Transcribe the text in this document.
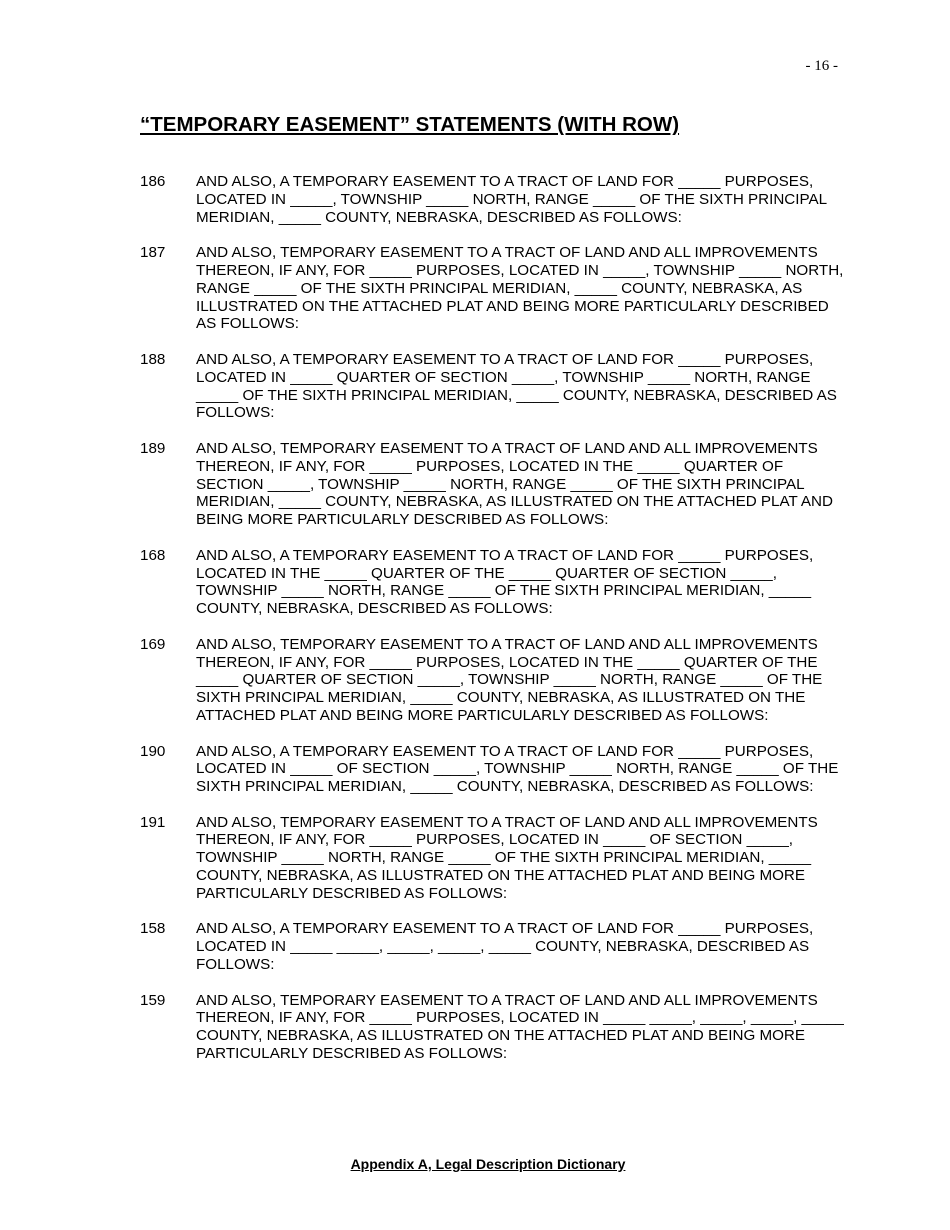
- 16 -
“TEMPORARY EASEMENT” STATEMENTS (WITH ROW)
186	AND ALSO, A TEMPORARY EASEMENT TO A TRACT OF LAND FOR _____ PURPOSES, LOCATED IN _____, TOWNSHIP _____ NORTH, RANGE _____ OF THE SIXTH PRINCIPAL MERIDIAN, _____ COUNTY, NEBRASKA, DESCRIBED AS FOLLOWS:
187	AND ALSO, TEMPORARY EASEMENT TO A TRACT OF LAND AND ALL IMPROVEMENTS THEREON, IF ANY, FOR _____ PURPOSES, LOCATED IN _____, TOWNSHIP _____ NORTH, RANGE _____ OF THE SIXTH PRINCIPAL MERIDIAN, _____ COUNTY, NEBRASKA, AS ILLUSTRATED ON THE ATTACHED PLAT AND BEING MORE PARTICULARLY DESCRIBED AS FOLLOWS:
188	AND ALSO, A TEMPORARY EASEMENT TO A TRACT OF LAND FOR _____ PURPOSES, LOCATED IN _____ QUARTER OF SECTION _____, TOWNSHIP _____ NORTH, RANGE _____ OF THE SIXTH PRINCIPAL MERIDIAN, _____ COUNTY, NEBRASKA, DESCRIBED AS FOLLOWS:
189	AND ALSO, TEMPORARY EASEMENT TO A TRACT OF LAND AND ALL IMPROVEMENTS THEREON, IF ANY, FOR _____ PURPOSES, LOCATED IN THE _____ QUARTER OF SECTION _____, TOWNSHIP _____ NORTH, RANGE _____ OF THE SIXTH PRINCIPAL MERIDIAN, _____ COUNTY, NEBRASKA, AS ILLUSTRATED ON THE ATTACHED PLAT AND BEING MORE PARTICULARLY DESCRIBED AS FOLLOWS:
168	AND ALSO, A TEMPORARY EASEMENT TO A TRACT OF LAND FOR _____ PURPOSES, LOCATED IN THE _____ QUARTER OF THE _____ QUARTER OF SECTION _____, TOWNSHIP _____ NORTH, RANGE _____ OF THE SIXTH PRINCIPAL MERIDIAN, _____ COUNTY, NEBRASKA, DESCRIBED AS FOLLOWS:
169	AND ALSO, TEMPORARY EASEMENT TO A TRACT OF LAND AND ALL IMPROVEMENTS THEREON, IF ANY, FOR _____ PURPOSES, LOCATED IN THE _____ QUARTER OF THE _____ QUARTER OF SECTION _____, TOWNSHIP _____ NORTH, RANGE _____ OF THE SIXTH PRINCIPAL MERIDIAN, _____ COUNTY, NEBRASKA, AS ILLUSTRATED ON THE ATTACHED PLAT AND BEING MORE PARTICULARLY DESCRIBED AS FOLLOWS:
190	AND ALSO, A TEMPORARY EASEMENT TO A TRACT OF LAND FOR _____ PURPOSES, LOCATED IN _____ OF SECTION _____, TOWNSHIP _____ NORTH, RANGE _____ OF THE SIXTH PRINCIPAL MERIDIAN, _____ COUNTY, NEBRASKA, DESCRIBED AS FOLLOWS:
191	AND ALSO, TEMPORARY EASEMENT TO A TRACT OF LAND AND ALL IMPROVEMENTS THEREON, IF ANY, FOR _____ PURPOSES, LOCATED IN _____ OF SECTION _____, TOWNSHIP _____ NORTH, RANGE _____ OF THE SIXTH PRINCIPAL MERIDIAN, _____ COUNTY, NEBRASKA, AS ILLUSTRATED ON THE ATTACHED PLAT AND BEING MORE PARTICULARLY DESCRIBED AS FOLLOWS:
158	AND ALSO, A TEMPORARY EASEMENT TO A TRACT OF LAND FOR _____ PURPOSES, LOCATED IN _____ _____, _____, _____, _____ COUNTY, NEBRASKA, DESCRIBED AS FOLLOWS:
159	AND ALSO, TEMPORARY EASEMENT TO A TRACT OF LAND AND ALL IMPROVEMENTS THEREON, IF ANY, FOR _____ PURPOSES, LOCATED IN _____ _____, _____, _____, _____ COUNTY, NEBRASKA, AS ILLUSTRATED ON THE ATTACHED PLAT AND BEING MORE PARTICULARLY DESCRIBED AS FOLLOWS:
Appendix A, Legal Description Dictionary
